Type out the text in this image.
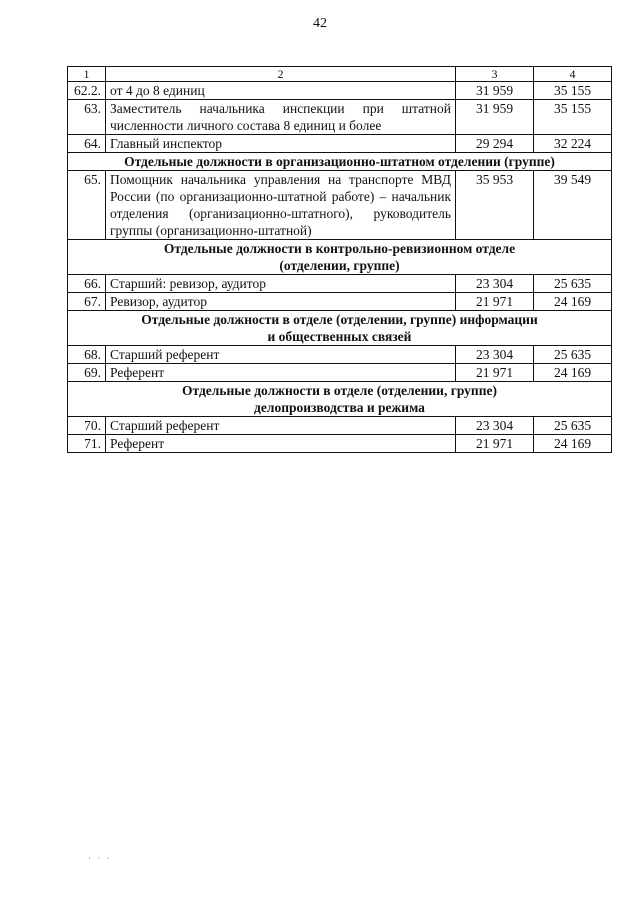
42
1	2	3	4
62.2.	от 4 до 8 единиц	31 959	35 155
63.	Заместитель начальника инспекции при штатной численности личного состава 8 единиц и более	31 959	35 155
64.	Главный инспектор	29 294	32 224

Отдельные должности в организационно-штатном отделении (группе)			

65.	Помощник начальника управления на транспорте МВД России (по организационно-штатной работе) – начальник отделения (организационно-штатного), руководитель группы (организационно-штатной)	35 953	39 549

Отдельные должности в контрольно-ревизионном отделе
(отделении, группе)			

66.	Старший: ревизор, аудитор	23 304	25 635
67.	Ревизор, аудитор	21 971	24 169

Отдельные должности в отделе (отделении, группе) информации
и общественных связей			

68.	Старший референт	23 304	25 635
69.	Референт	21 971	24 169

Отдельные должности в отделе (отделении, группе)
делопроизводства и режима			

70.	Старший референт	23 304	25 635
71.	Референт	21 971	24 169
· · ·
